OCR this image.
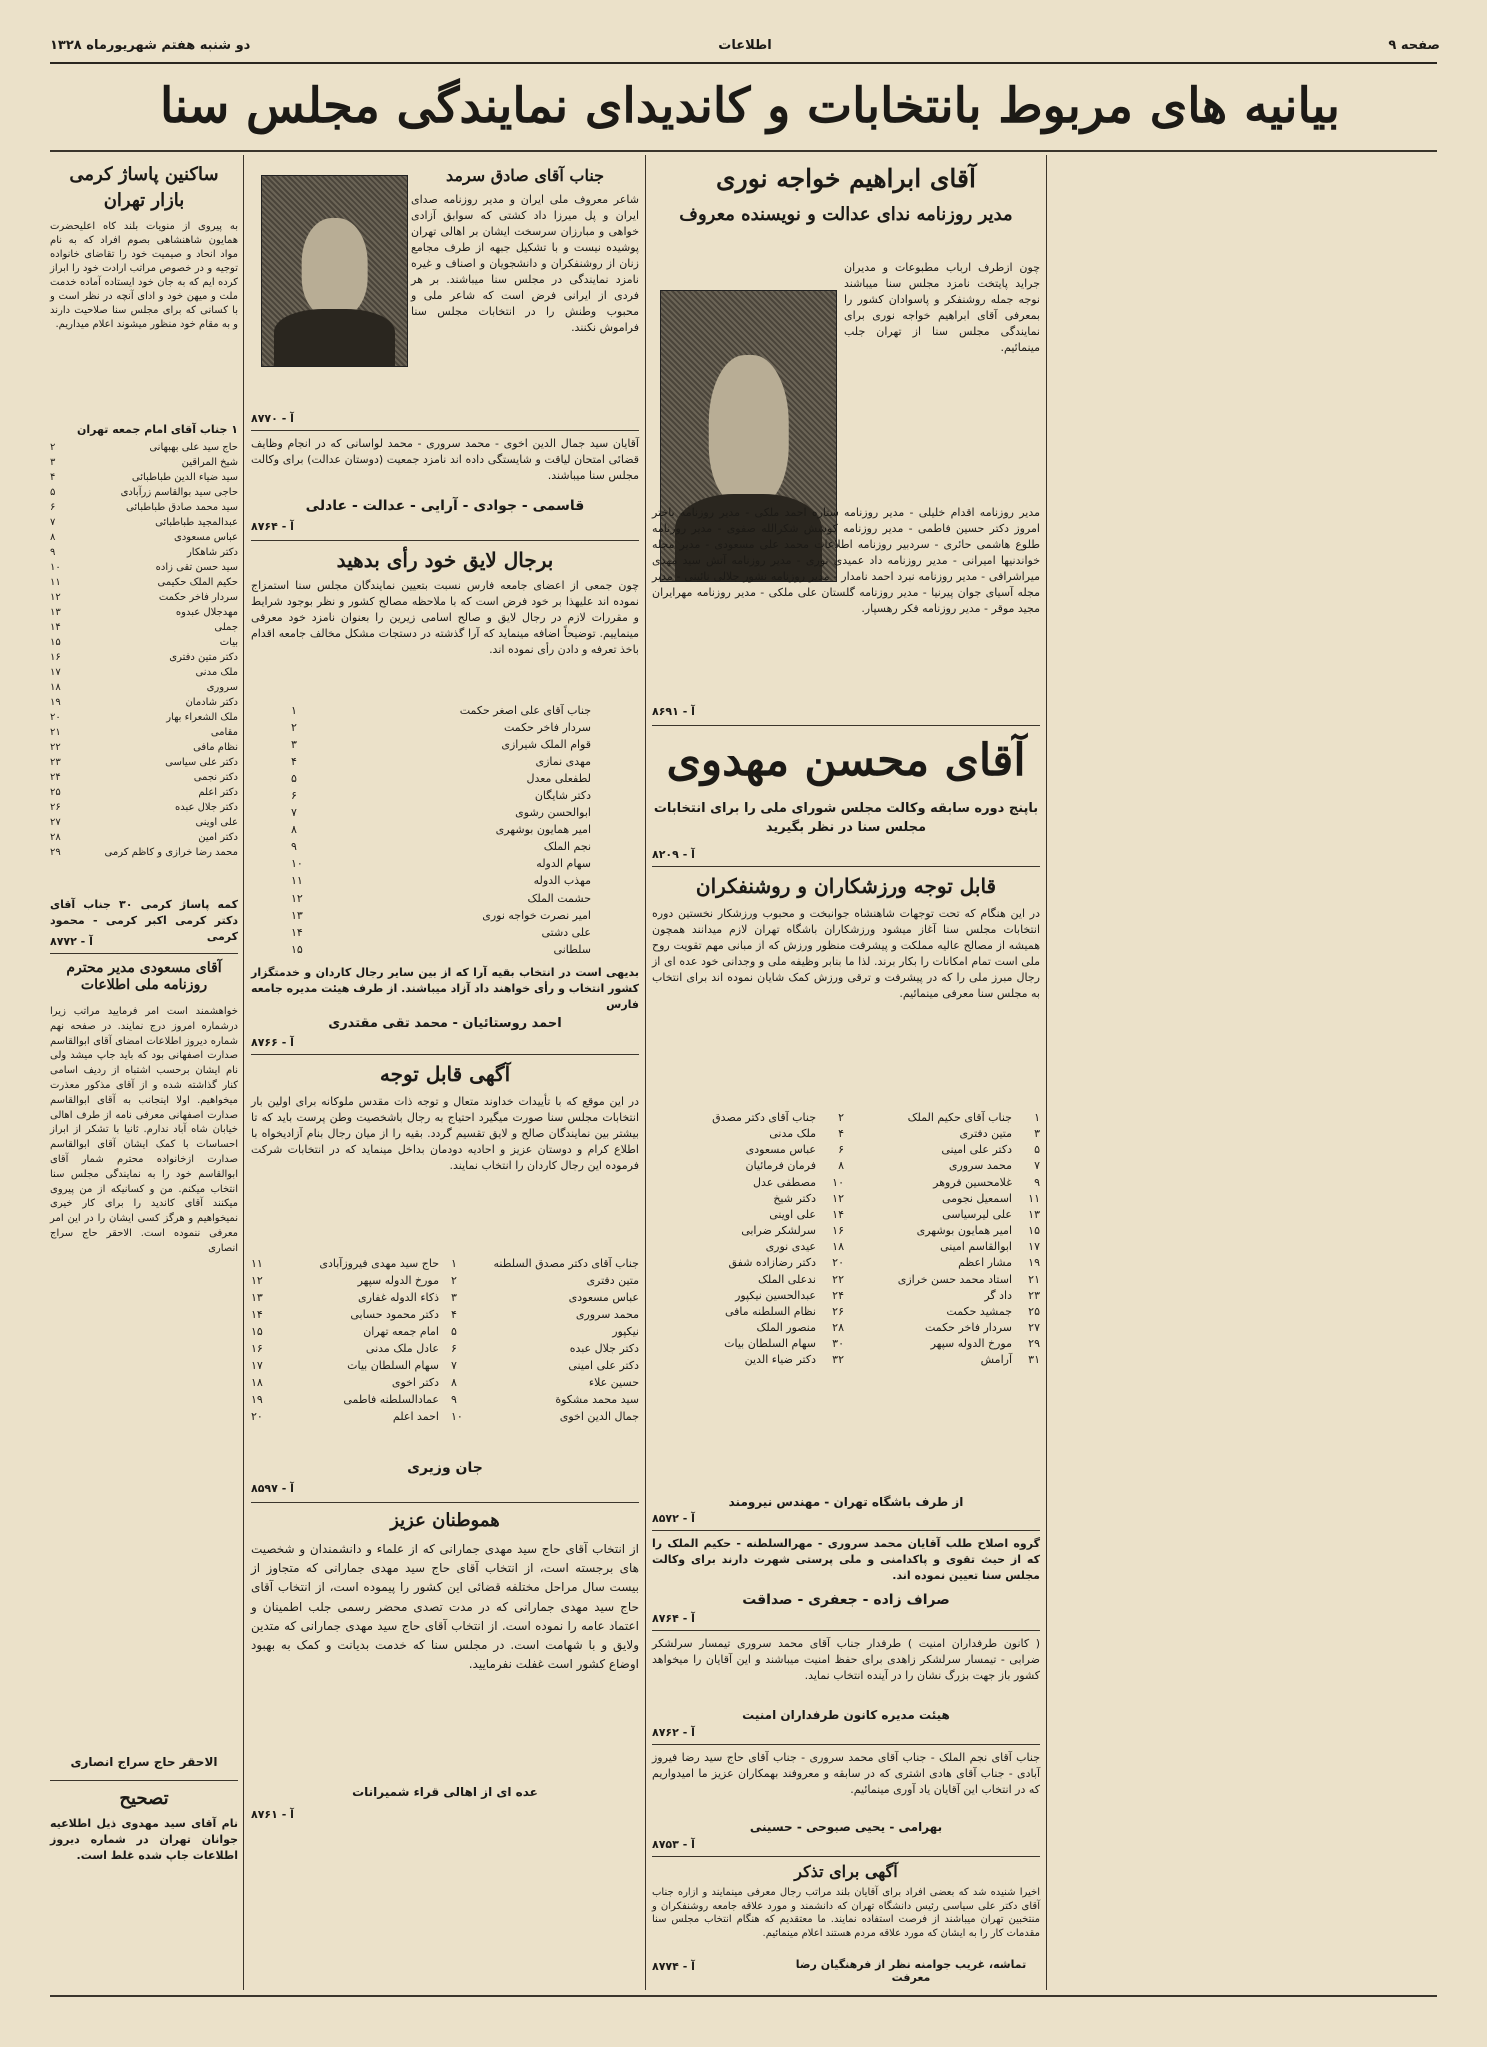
دو شنبه هفتم شهریورماه ۱۳۲۸	اطلاعات	صفحه ۹
بیانیه های مربوط بانتخابات و کاندیدای نمایندگی مجلس سنا
آقای ابراهیم خواجه نوری
مدیر روزنامه ندای عدالت و نویسنده معروف
چون ازطرف ارباب مطبوعات و مدیران جراید پایتخت نامزد مجلس سنا میباشند نوجه جمله روشنفکر و پاسوادان کشور را بمعرفی آقای ابراهیم خواجه نوری برای نمایندگی مجلس سنا از تهران جلب مینمائیم.
مدیر روزنامه اقدام خلیلی - مدیر روزنامه ستاره احمد ملکی - مدیر روزنامه باختر امروز دکتر حسین فاطمی - مدیر روزنامه کوشش شکرالله صفوی - مدیر روزنامه طلوع هاشمی حائری - سردبیر روزنامه اطلاعات محمد علی مسعودی - مدیر مجله خواندنیها امیرانی - مدیر روزنامه داد عمیدی نوری - مدیر روزنامه آتش سید مهدی میراشرافی - مدیر روزنامه نبرد احمد نامدار - مدیر روزنامه نشور جلالی نائینی - مدیر مجله آسیای جوان پیرنیا - مدیر روزنامه گلستان علی ملکی - مدیر روزنامه مهرایران مجید موقر - مدیر روزنامه فکر رهسپار.
آ - ۸۶۹۱
آقای محسن مهدوی
باپنج دوره سابقه وکالت مجلس شورای ملی را برای انتخابات مجلس سنا در نظر بگیرید
آ - ۸۲۰۹
قابل توجه ورزشکاران و روشنفکران
در این هنگام که تحت توجهات شاهنشاه جوانبخت و محبوب ورزشکار نخستین دوره انتخابات مجلس سنا آغاز میشود ورزشکاران باشگاه تهران لازم میدانند همچون همیشه از مصالح عالیه مملکت و پیشرفت منظور ورزش که از مبانی مهم تقویت روح ملی است تمام امکانات را بکار برند. لذا ما بنابر وظیفه ملی و وجدانی خود عده ای از رجال مبرز ملی را که در پیشرفت و ترقی ورزش کمک شایان نموده اند برای انتخاب به مجلس سنا معرفی مینمائیم.
۱
جناب آقای حکیم الملک
۲
جناب آقای دکتر مصدق
۳
متین دفتری
۴
ملک مدنی
۵
دکتر علی امینی
۶
عباس مسعودی
۷
محمد سروری
۸
فرمان فرمائیان
۹
غلامحسین فروهر
۱۰
مصطفی عدل
۱۱
اسمعیل نجومی
۱۲
دکتر شیخ
۱۳
علی لیرسیاسی
۱۴
علی اوینی
۱۵
امیر همایون بوشهری
۱۶
سرلشکر ضرابی
۱۷
ابوالقاسم امینی
۱۸
عیدی نوری
۱۹
مشار اعظم
۲۰
دکتر رضازاده شفق
۲۱
استاد محمد حسن خرازی
۲۲
ندعلی الملک
۲۳
داد گر
۲۴
عبدالحسین نیکپور
۲۵
جمشید حکمت
۲۶
نظام السلطنه مافی
۲۷
سردار فاخر حکمت
۲۸
منصور الملک
۲۹
مورخ الدوله سپهر
۳۰
سهام السلطان بیات
۳۱
آرامش
۳۲
دکتر ضیاء الدین
از طرف باشگاه تهران - مهندس نیرومند
آ - ۸۵۷۲
گروه اصلاح طلب آقایان محمد سروری - مهرالسلطنه - حکیم الملک را که از حیث تقوی و پاکدامنی و ملی پرستی شهرت دارند برای وکالت مجلس سنا تعیین نموده اند.
صراف زاده - جعفری - صداقت
آ - ۸۷۶۴
( کانون طرفداران امنیت ) طرفدار جناب آقای محمد سروری تیمسار سرلشکر ضرابی - تیمسار سرلشکر زاهدی برای حفظ امنیت میباشند و این آقایان را میخواهد کشور باز جهت بزرگ نشان را در آینده انتخاب نماید.
هیئت مدیره کانون طرفداران امنیت
آ - ۸۷۶۲
جناب آقای نجم الملک - جناب آقای محمد سروری - جناب آقای حاج سید رضا فیروز آبادی - جناب آقای هادی اشتری که در سابقه و معروفند بهمکاران عزیز ما امیدواریم که در انتخاب این آقایان یاد آوری مینمائیم.
بهرامی - یحیی صبوحی - حسینی
آ - ۸۷۵۳
آگهی برای تذکر
اخیرا شنیده شد که بعضی افراد برای آقایان بلند مراتب رجال معرفی مینمایند و ازاره جناب آقای دکتر علی سیاسی رئیس دانشگاه تهران که دانشمند و مورد علاقه جامعه روشنفکران و منتخبین تهران میباشند از فرصت استفاده نمایند. ما معتقدیم که هنگام انتخاب مجلس سنا مقدمات کار را به ایشان که مورد علاقه مردم هستند اعلام مینمائیم.
تماشه، غریب جوامنه نظر از فرهنگیان رضا معرفت
آ - ۸۷۷۴
جناب آقای صادق سرمد
شاعر معروف ملی ایران و مدیر روزنامه صدای ایران و پل میرزا داد کشتی که سوابق آزادی خواهی و مبارزان سرسخت ایشان بر اهالی تهران پوشیده نیست و با تشکیل جبهه از طرف مجامع زنان از روشنفکران و دانشجویان و اصناف و غیره نامزد نمایندگی در مجلس سنا میباشند. بر هر فردی از ایرانی فرض است که شاعر ملی و محبوب وطنش را در انتخابات مجلس سنا فراموش نکنند.
آ - ۸۷۷۰
آقایان سید جمال الدین اخوی - محمد سروری - محمد لواسانی که در انجام وظایف قضائی امتحان لیاقت و شایستگی داده اند نامزد جمعیت (دوستان عدالت) برای وکالت مجلس سنا میباشند.
قاسمی - جوادی - آرایی - عدالت - عادلی
آ - ۸۷۶۴
برجال لایق خود رأی بدهید
چون جمعی از اعضای جامعه فارس نسبت بتعیین نمایندگان مجلس سنا استمزاج نموده اند علیهذا بر خود فرض است که با ملاحظه مصالح کشور و نظر بوجود شرایط و مقررات لازم در رجال لایق و صالح اسامی زیرین را بعنوان نامزد خود معرفی مینماییم. توضیحاً اضافه مینماید که آرا گذشته در دستجات مشکل مخالف جامعه اقدام باخذ تعرفه و دادن رأی نموده اند.
جناب آقای علی اصغر حکمت
۱
سردار فاخر حکمت
۲
قوام الملک شیرازی
۳
مهدی نمازی
۴
لطفعلی معدل
۵
دکتر شایگان
۶
ابوالحسن رشوی
۷
امیر همایون بوشهری
۸
نجم الملک
۹
سهام الدوله
۱۰
مهذب الدوله
۱۱
حشمت الملک
۱۲
امیر نصرت خواجه نوری
۱۳
علی دشتی
۱۴
سلطانی
۱۵
بدیهی است در انتخاب بقیه آرا که از بین سایر رجال کاردان و خدمتگزار کشور انتخاب و رأی خواهند داد آزاد میباشند. از طرف هیئت مدیره جامعه فارس
احمد روستائیان - محمد تقی مقتدری
آ - ۸۷۶۶
آگهی قابل توجه
در این موقع که با تأییدات خداوند متعال و توجه ذات مقدس ملوکانه برای اولین بار انتخابات مجلس سنا صورت میگیرد احتیاج به رجال باشخصیت وطن پرست باید که تا بیشتر بین نمایندگان صالح و لایق تقسیم گردد. بقیه را از میان رجال بنام آزادیخواه با اطلاع کرام و دوستان عزیز و احادیه دودمان بداخل مینماید که در انتخابات شرکت فرموده این رجال کاردان را انتخاب نمایند.
جناب آقای دکتر مصدق السلطنه
۱
متین دفتری
۲
عباس مسعودی
۳
محمد سروری
۴
نیکپور
۵
دکتر جلال عبده
۶
دکتر علی امینی
۷
حسین علاء
۸
سید محمد مشکوة
۹
جمال الدین اخوی
۱۰
حاج سید مهدی فیروزآبادی
۱۱
مورخ الدوله سپهر
۱۲
ذکاء الدوله غفاری
۱۳
دکتر محمود حسابی
۱۴
امام جمعه تهران
۱۵
عادل ملک مدنی
۱۶
سهام السلطان بیات
۱۷
دکتر اخوی
۱۸
عمادالسلطنه فاطمی
۱۹
احمد اعلم
۲۰
جان وزیری
آ - ۸۵۹۷
هموطنان عزیز
از انتخاب آقای حاج سید مهدی جمارانی که از علماء و دانشمندان و شخصیت های برجسته است، از انتخاب آقای حاج سید مهدی جمارانی که متجاوز از بیست سال مراحل مختلفه قضائی این کشور را پیموده است، از انتخاب آقای حاج سید مهدی جمارانی که در مدت تصدی محضر رسمی جلب اطمینان و اعتماد عامه را نموده است. از انتخاب آقای حاج سید مهدی جمارانی که متدین ولایق و با شهامت است. در مجلس سنا که خدمت بدیانت و کمک به بهبود اوضاع کشور است غفلت نفرمایید.
عده ای از اهالی قراء شمیرانات
آ - ۸۷۶۱
ساکنین پاساژ کرمی
بازار تهران
به پیروی از منویات بلند کاه اعلیحضرت همایون شاهنشاهی بصوم افراد که به نام مواد انحاد و صیمیت خود را تقاضای خانواده توجیه و در خصوص مراتب ارادت خود را ابراز کرده ایم که به جان خود ایستاده آماده خدمت ملت و میهن خود و ادای آنچه در نظر است و با کسانی که برای مجلس سنا صلاحیت دارند و به مقام خود منظور میشوند اعلام میداریم.
۱ جناب آقای امام جمعه تهران
حاج سید علی بهبهانی
۲
شیخ المراقین
۳
سید ضیاء الدین طباطبائی
۴
حاجی سید بوالقاسم زرآبادی
۵
سید محمد صادق طباطبائی
۶
عبدالمجید طباطبائی
۷
عباس مسعودی
۸
دکتر شاهکار
۹
سید حسن تقی زاده
۱۰
حکیم الملک حکیمی
۱۱
سردار فاخر حکمت
۱۲
مهدجلال عبدوه
۱۳
جملی
۱۴
بیات
۱۵
دکتر متین دفتری
۱۶
ملک مدنی
۱۷
سروری
۱۸
دکتر شادمان
۱۹
ملک الشعراء بهار
۲۰
مقامی
۲۱
نظام مافی
۲۲
دکتر علی سیاسی
۲۳
دکتر نجمی
۲۴
دکتر اعلم
۲۵
دکتر جلال عبده
۲۶
علی اوینی
۲۷
دکتر امین
۲۸
محمد رضا خرازی و کاظم کرمی
۲۹
کمه پاساژ کرمی ۳۰ جناب آقای دکتر کرمی اکبر کرمی - محمود کرمی
۸۷۷۲ - آ
آقای مسعودی مدیر محترم روزنامه ملی اطلاعات
خواهشمند است امر فرمایید مراتب زیرا درشماره امروز درج نمایند. در صفحه نهم شماره دیروز اطلاعات امضای آقای ابوالقاسم صدارت اصفهانی بود که باید جاپ میشد ولی نام ایشان برحسب اشتباه از ردیف اسامی کنار گذاشته شده و از آقای مذکور معذرت میخواهیم. اولا اینجانب به آقای ابوالقاسم صدارت اصفهانی معرفی نامه از طرف اهالی خیابان شاه آباد ندارم. ثانیا با تشکر از ابراز احساسات با کمک ایشان آقای ابوالقاسم صدارت ازخانواده محترم شمار آقای ابوالقاسم خود را به نمایندگی مجلس سنا انتخاب میکنم. من و کسانیکه از من پیروی میکنند آقای کاندید را برای کار خیری نمیخواهیم و هرگز کسی ایشان را در این امر معرفی ننموده است. الاحقر حاج سراج انصاری
الاحقر حاج سراج انصاری
تصحیح
نام آقای سید مهدوی ذیل اطلاعیه جوانان تهران در شماره دیروز اطلاعات جاپ شده غلط است.
